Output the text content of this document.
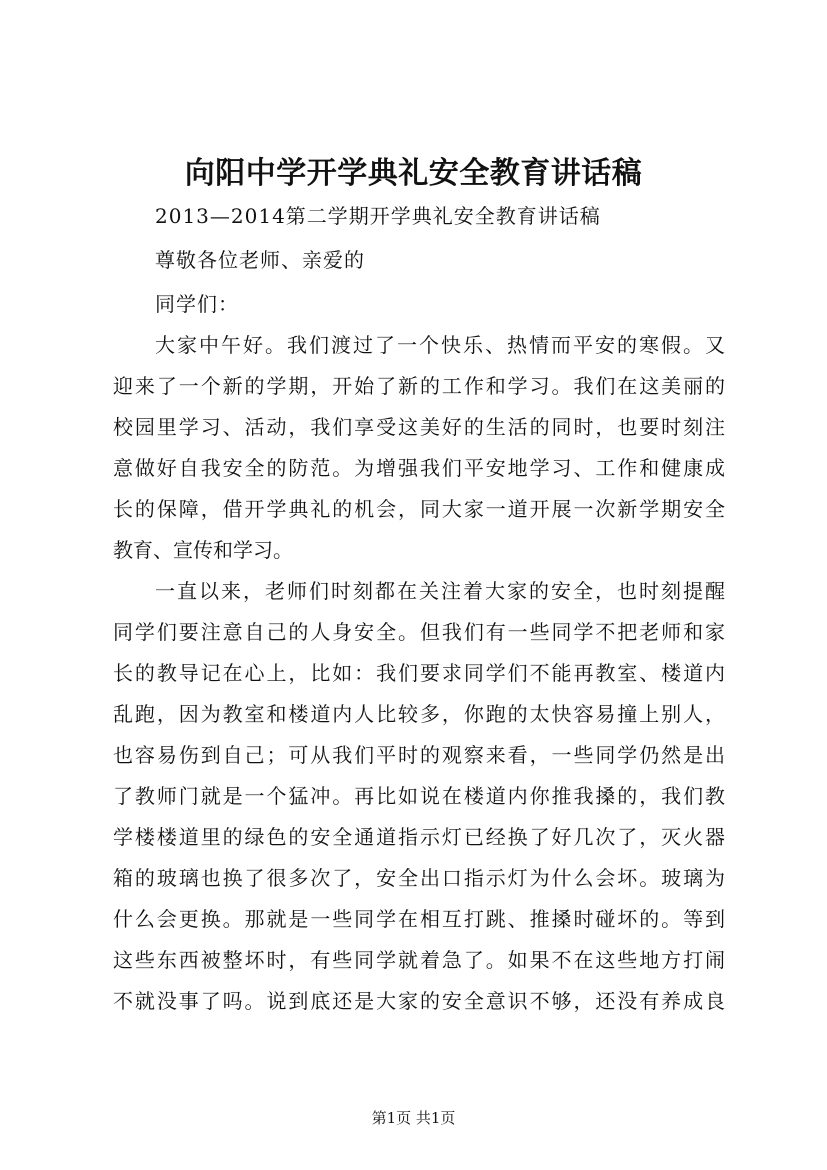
向阳中学开学典礼安全教育讲话稿
2013—2014第二学期开学典礼安全教育讲话稿
尊敬各位老师、亲爱的
同学们：
大家中午好。我们渡过了一个快乐、热情而平安的寒假。又
迎来了一个新的学期，开始了新的工作和学习。我们在这美丽的
校园里学习、活动，我们享受这美好的生活的同时，也要时刻注
意做好自我安全的防范。为增强我们平安地学习、工作和健康成
长的保障，借开学典礼的机会，同大家一道开展一次新学期安全
教育、宣传和学习。
一直以来，老师们时刻都在关注着大家的安全，也时刻提醒
同学们要注意自己的人身安全。但我们有一些同学不把老师和家
长的教导记在心上，比如：我们要求同学们不能再教室、楼道内
乱跑，因为教室和楼道内人比较多，你跑的太快容易撞上别人，
也容易伤到自己；可从我们平时的观察来看，一些同学仍然是出
了教师门就是一个猛冲。再比如说在楼道内你推我搡的，我们教
学楼楼道里的绿色的安全通道指示灯已经换了好几次了，灭火器
箱的玻璃也换了很多次了，安全出口指示灯为什么会坏。玻璃为
什么会更换。那就是一些同学在相互打跳、推搡时碰坏的。等到
这些东西被整坏时，有些同学就着急了。如果不在这些地方打闹
不就没事了吗。说到底还是大家的安全意识不够，还没有养成良
第1页 共1页
